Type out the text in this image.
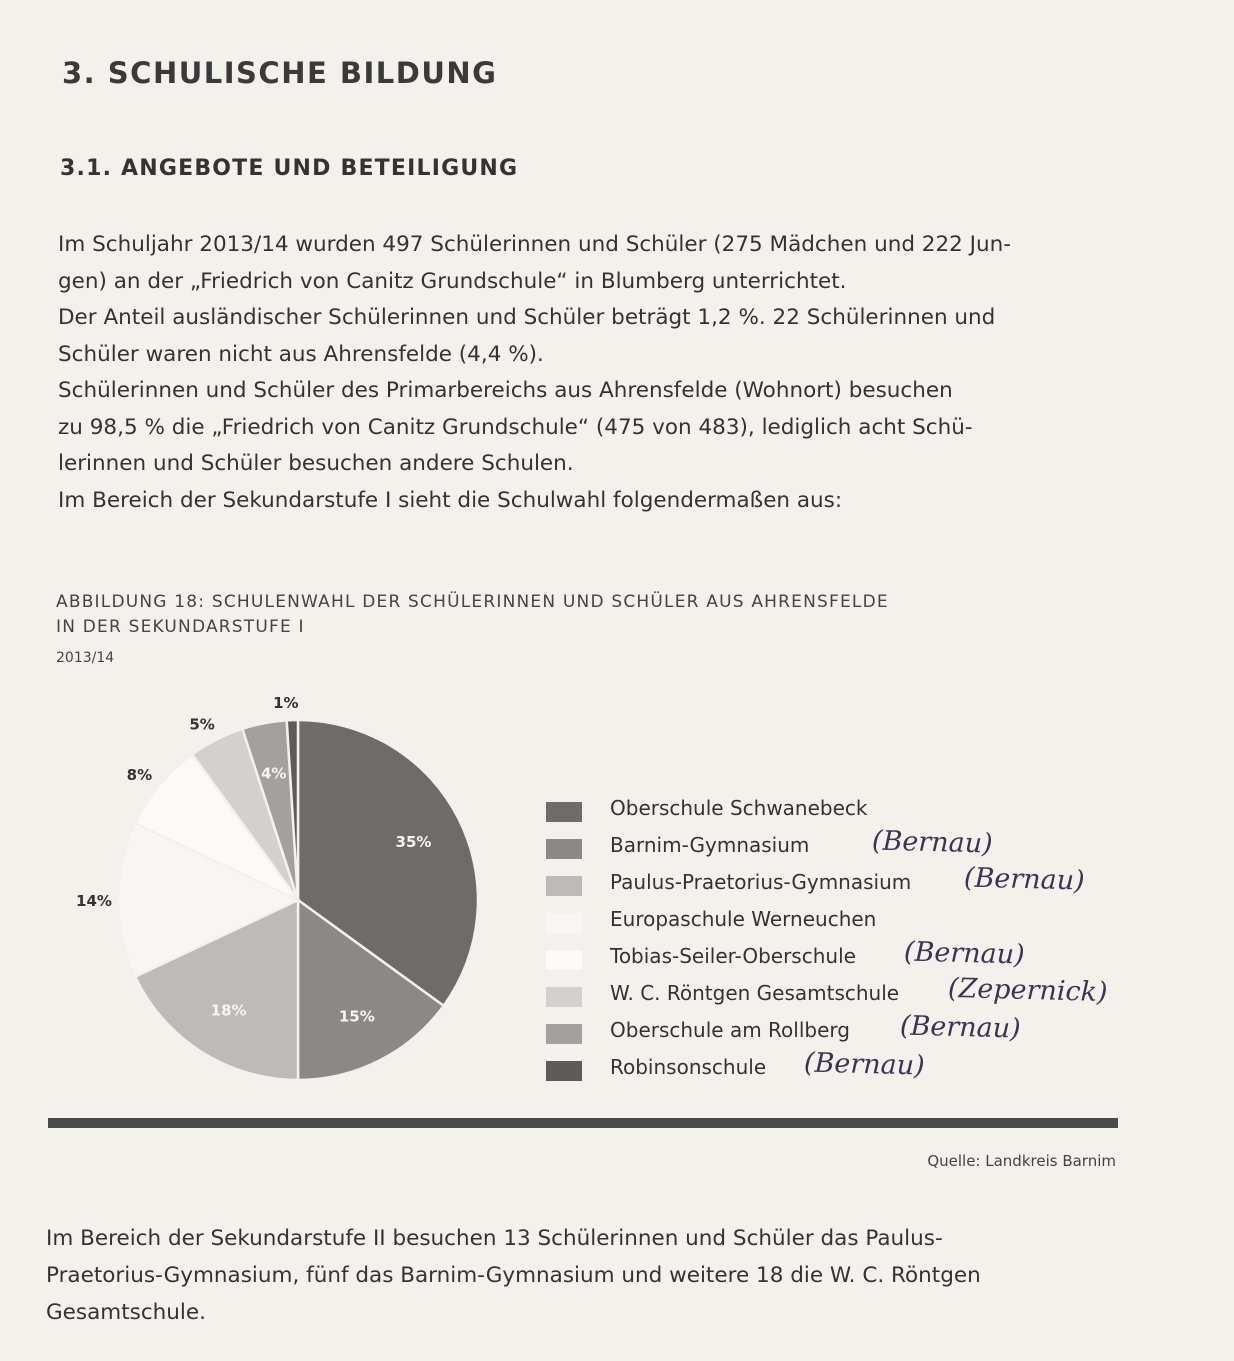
3. SCHULISCHE BILDUNG
3.1. ANGEBOTE UND BETEILIGUNG

Im Schuljahr 2013/14 wurden 497 Schülerinnen und Schüler (275 Mädchen und 222 Jun-

gen) an der „Friedrich von Canitz Grundschule“ in Blumberg unterrichtet.

Der Anteil ausländischer Schülerinnen und Schüler beträgt 1,2 %. 22 Schülerinnen und

Schüler waren nicht aus Ahrensfelde (4,4 %).

Schülerinnen und Schüler des Primarbereichs aus Ahrensfelde (Wohnort) besuchen

zu 98,5 % die „Friedrich von Canitz Grundschule“ (475 von 483), lediglich acht Schü-

lerinnen und Schüler besuchen andere Schulen.

Im Bereich der Sekundarstufe I sieht die Schulwahl folgendermaßen aus:

ABBILDUNG 18: SCHULENWAHL DER SCHÜLERINNEN UND SCHÜLER AUS AHRENSFELDE
IN DER SEKUNDARSTUFE I
2013/14
35%
15%
18%
14%
8%
5%
4%
1%
Oberschule Schwanebeck
Barnim-Gymnasium (Bernau)
Paulus-Praetorius-Gymnasium (Bernau)
Europaschule Werneuchen
Tobias-Seiler-Oberschule (Bernau)
W. C. Röntgen Gesamtschule (Zepernick)
Oberschule am Rollberg (Bernau)
Robinsonschule (Bernau)
Quelle: Landkreis Barnim

Im Bereich der Sekundarstufe II besuchen 13 Schülerinnen und Schüler das Paulus-

Praetorius-Gymnasium, fünf das Barnim-Gymnasium und weitere 18 die W. C. Röntgen

Gesamtschule.
